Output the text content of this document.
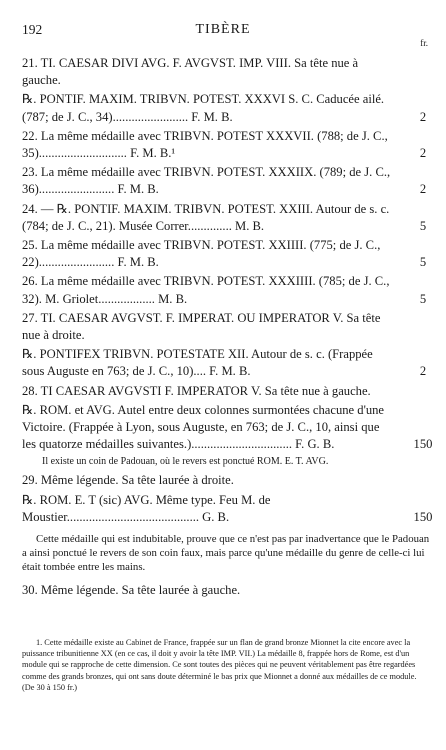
192	TIBÈRE
fr.
21. TI. CAESAR DIVI AVG. F. AVGVST. IMP. VIII. Sa tête nue à gauche.
℞. PONTIF. MAXIM. TRIBVN. POTEST. XXXVI S. C. Caducée ailé. (787; de J. C., 34)........................ F. M. B.	2
22. La même médaille avec TRIBVN. POTEST XXXVII. (788; de J. C., 35)............................ F. M. B.¹	2
23. La même médaille avec TRIBVN. POTEST. XXXIIX. (789; de J. C., 36)........................ F. M. B.	2
24. — ℞. PONTIF. MAXIM. TRIBVN. POTEST. XXIII. Autour de s. c. (784; de J. C., 21). Musée Correr.............. M. B.	5
25. La même médaille avec TRIBVN. POTEST. XXIIII. (775; de J. C., 22)........................ F. M. B.	5
26. La même médaille avec TRIBVN. POTEST. XXXIIII. (785; de J. C., 32). M. Griolet.................. M. B.	5
27. TI. CAESAR AVGVST. F. IMPERAT. OU IMPERATOR V. Sa tête nue à droite.
℞. PONTIFEX TRIBVN. POTESTATE XII. Autour de s. c. (Frappée sous Auguste en 763; de J. C., 10).... F. M. B.	2
28. TI CAESAR AVGVSTI F. IMPERATOR V. Sa tête nue à gauche.
℞. ROM. et AVG. Autel entre deux colonnes surmontées chacune d'une Victoire. (Frappée à Lyon, sous Auguste, en 763; de J. C., 10, ainsi que les quatorze médailles suivantes.)................................ F. G. B.	150
Il existe un coin de Padouan, où le revers est ponctué ROM. E. T. AVG.
29. Même légende. Sa tête laurée à droite.
℞. ROM. E. T (sic) AVG. Même type. Feu M. de Moustier.......................................... G. B.	150
Cette médaille qui est indubitable, prouve que ce n'est pas par inadvertance que le Padouan a ainsi ponctué le revers de son coin faux, mais parce qu'une médaille du genre de celle-ci lui était tombée entre les mains.
30. Même légende. Sa tête laurée à gauche.

1. Cette médaille existe au Cabinet de France, frappée sur un flan de grand bronze Mionnet la cite encore avec la puissance tribunitienne XX (en ce cas, il doit y avoir la tête IMP. VII.) La médaille 8, frappée hors de Rome, est d'un module qui se rapproche de cette dimension. Ce sont toutes des pièces qui ne peuvent véritablement pas être regardées comme des grands bronzes, qui ont sans doute déterminé le bas prix que Mionnet a donné aux médailles de ce module. (De 30 à 150 fr.)
